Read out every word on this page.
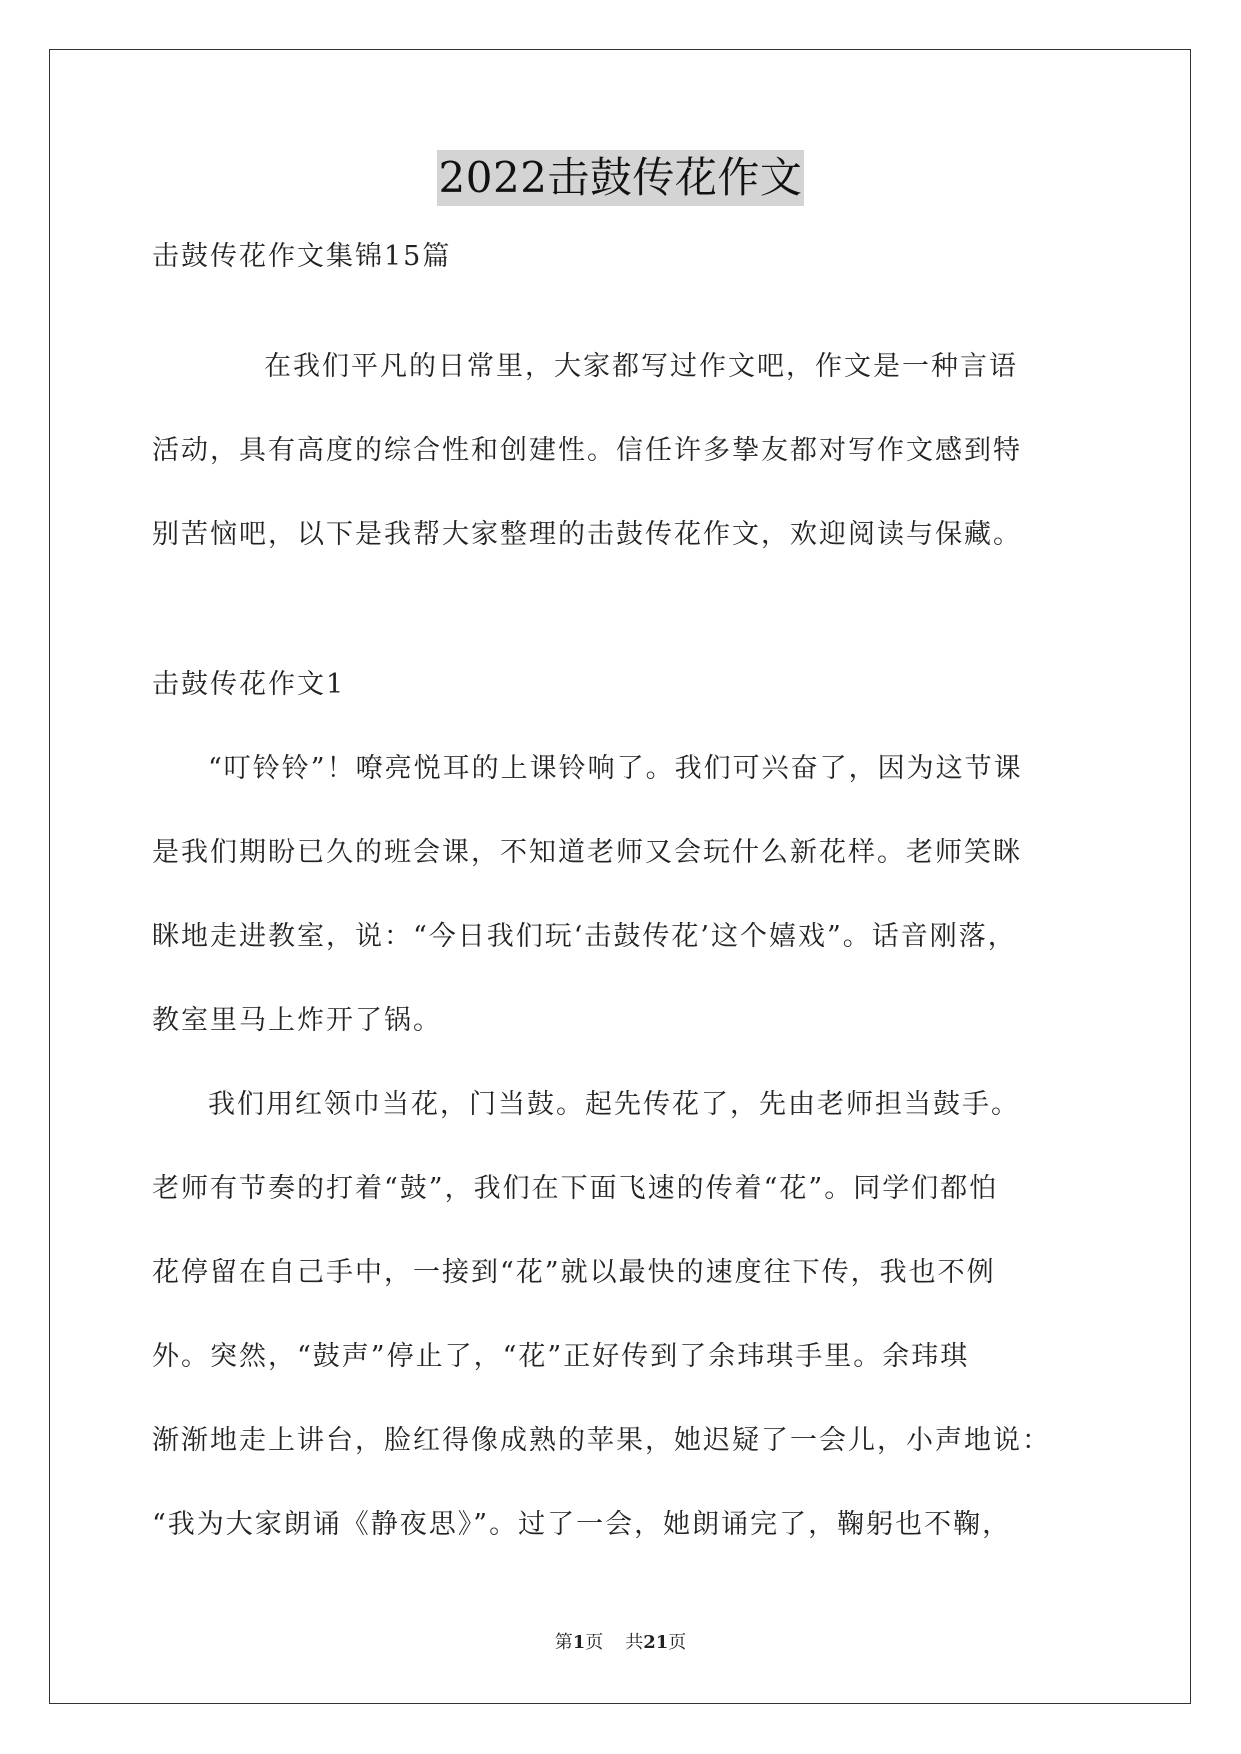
2022击鼓传花作文
击鼓传花作文集锦15篇
在我们平凡的日常里，大家都写过作文吧，作文是一种言语
活动，具有高度的综合性和创建性。信任许多挚友都对写作文感到特
别苦恼吧，以下是我帮大家整理的击鼓传花作文，欢迎阅读与保藏。
击鼓传花作文1
“叮铃铃”！嘹亮悦耳的上课铃响了。我们可兴奋了，因为这节课
是我们期盼已久的班会课，不知道老师又会玩什么新花样。老师笑眯
眯地走进教室，说：“今日我们玩‘击鼓传花’这个嬉戏”。话音刚落，
教室里马上炸开了锅。
我们用红领巾当花，门当鼓。起先传花了，先由老师担当鼓手。
老师有节奏的打着“鼓”，我们在下面飞速的传着“花”。同学们都怕
花停留在自己手中，一接到“花”就以最快的速度往下传，我也不例
外。突然，“鼓声”停止了，“花”正好传到了余玮琪手里。余玮琪
渐渐地走上讲台，脸红得像成熟的苹果，她迟疑了一会儿，小声地说：
“我为大家朗诵《静夜思》”。过了一会，她朗诵完了，鞠躬也不鞠，
第1页 共21页
